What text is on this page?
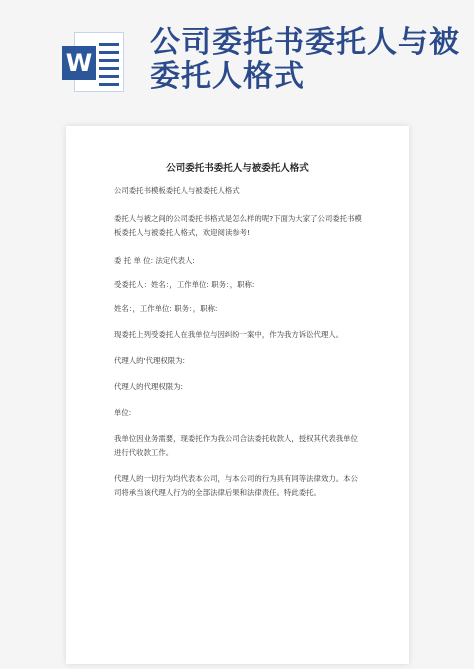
W
公司委托书委托人与被委托人格式
公司委托书委托人与被委托人格式

公司委托书模板委托人与被委托人格式

委托人与被之间的公司委托书格式是怎么样的呢?下面为大家了公司委托书模板委托人与被委托人格式，欢迎阅读参考!

委 托 单 位: 法定代表人:

受委托人：姓名：，工作单位: 职务：，职称:

姓名：，工作单位: 职务：，职称:

现委托上列受委托人在我单位与因纠纷一案中，作为我方诉讼代理人。

代理人的'代理权限为:

代理人的代理权限为:

单位:

我单位因业务需要，现委托作为我公司合法委托收款人，授权其代表我单位进行代收款工作。

代理人的一切行为均代表本公司，与本公司的行为具有同等法律效力。本公司将承当该代理人行为的全部法律后果和法律责任。特此委托。
